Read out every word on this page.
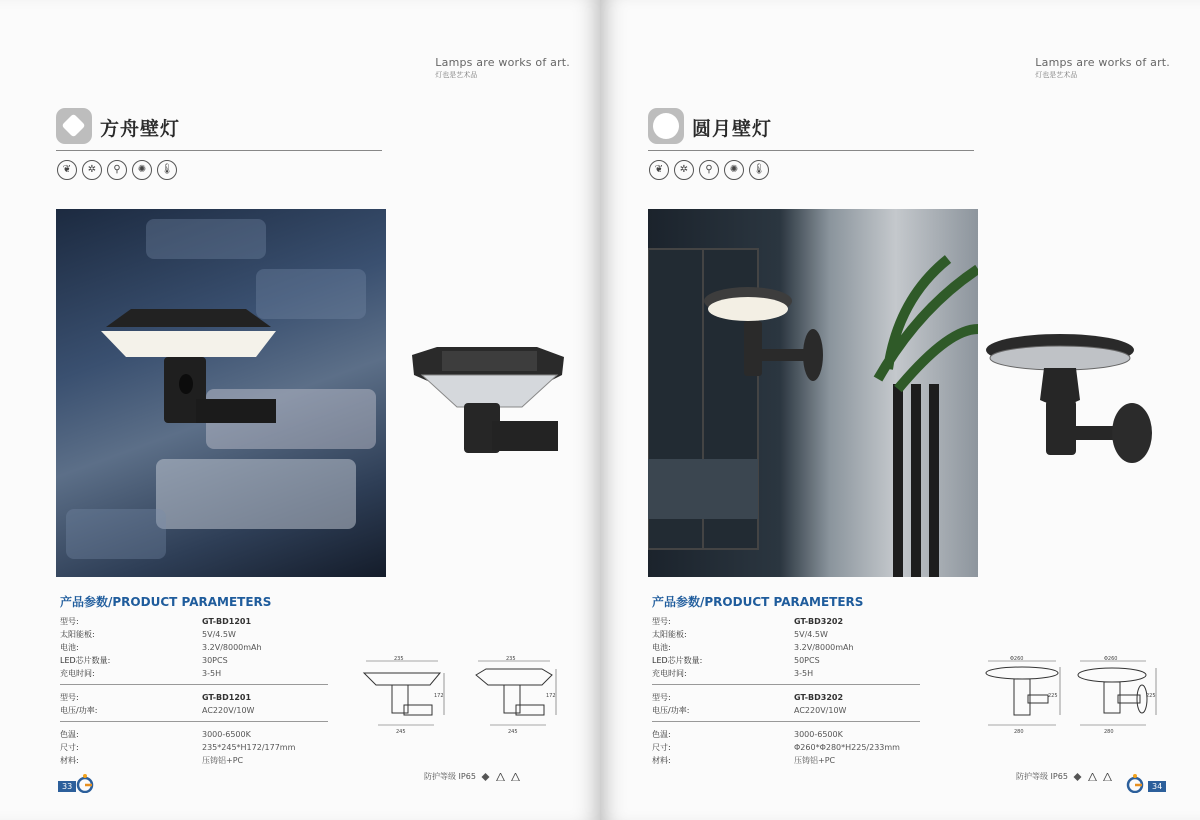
Lamps are works of art.
灯也是艺术品
方舟壁灯
❦	✲	⚲	✺	🌡
产品参数/PRODUCT PARAMETERS
型号:	GT-BD1201
太阳能板:	5V/4.5W
电池:	3.2V/8000mAh
LED芯片数量:	30PCS
充电时间:	3-5H
型号:	GT-BD1201
电压/功率:	AC220V/10W
色温:	3000-6500K
尺寸:	235*245*H172/177mm
材料:	压铸铝+PC
235
172
245
235
172
245
防护等级 IP65
33
Lamps are works of art.
灯也是艺术品
圆月壁灯
❦	✲	⚲	✺	🌡
产品参数/PRODUCT PARAMETERS
型号:	GT-BD3202
太阳能板:	5V/4.5W
电池:	3.2V/8000mAh
LED芯片数量:	50PCS
充电时间:	3-5H
型号:	GT-BD3202
电压/功率:	AC220V/10W
色温:	3000-6500K
尺寸:	Φ260*Φ280*H225/233mm
材料:	压铸铝+PC
Φ260
225
280
Φ260
225
280
防护等级 IP65
34
